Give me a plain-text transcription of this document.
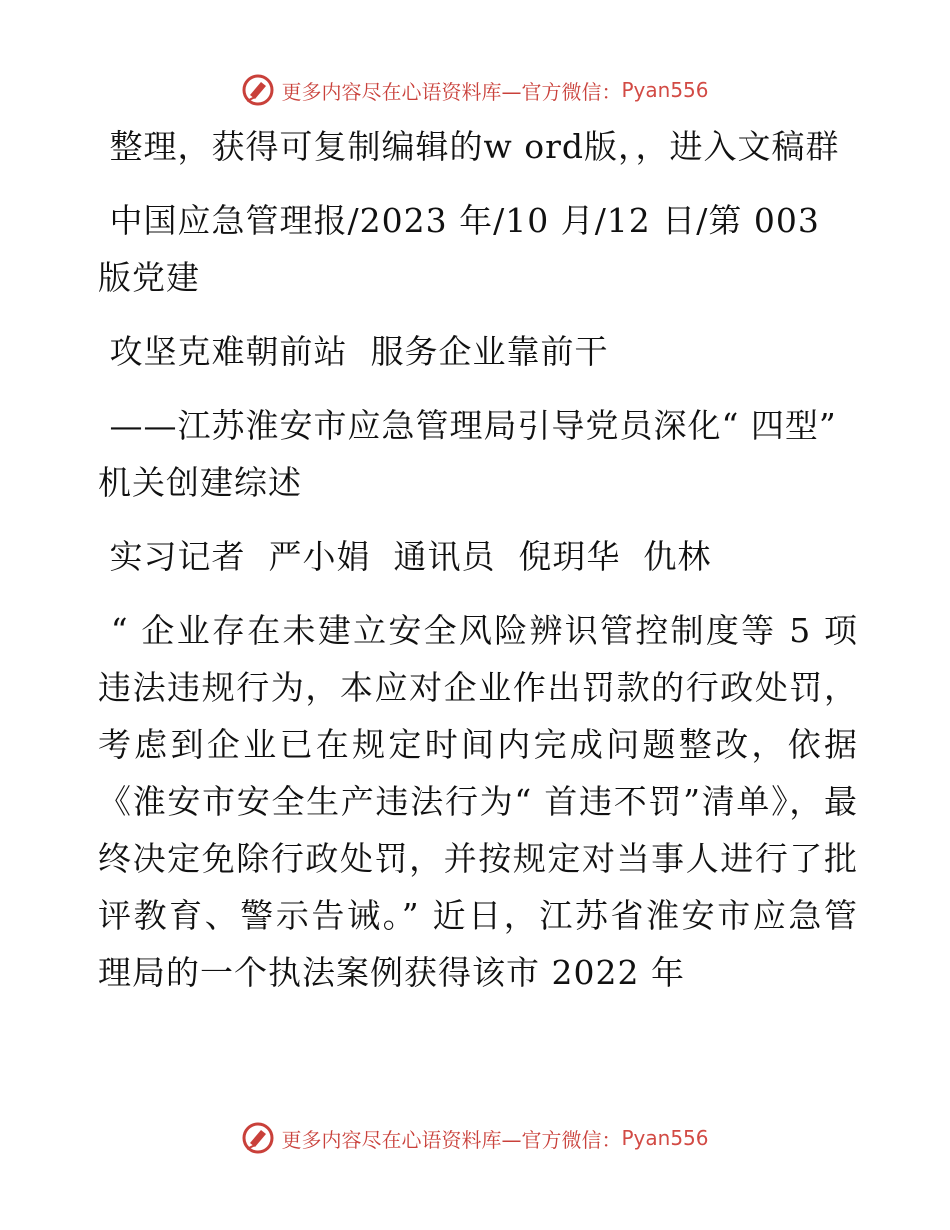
更多内容尽在心语资料库—官方微信： Pyan556

整理，获得可复制编辑的w ord版，，进入文稿群

中国应急管理报/2023 年/10 月/12 日/第 003 版党建

攻坚克难朝前站  服务企业靠前干

——江苏淮安市应急管理局引导党员深化“ 四型” 机关创建综述

实习记者  严小娟  通讯员  倪玥华  仇林

“ 企业存在未建立安全风险辨识管控制度等 5 项违法违规行为，本应对企业作出罚款的行政处罚，考虑到企业已在规定时间内完成问题整改，依据《淮安市安全生产违法行为“ 首违不罚”清单》，最终决定免除行政处罚，并按规定对当事人进行了批评教育、警示告诫。” 近日，江苏省淮安市应急管理局的一个执法案例获得该市 2022 年

更多内容尽在心语资料库—官方微信： Pyan556
